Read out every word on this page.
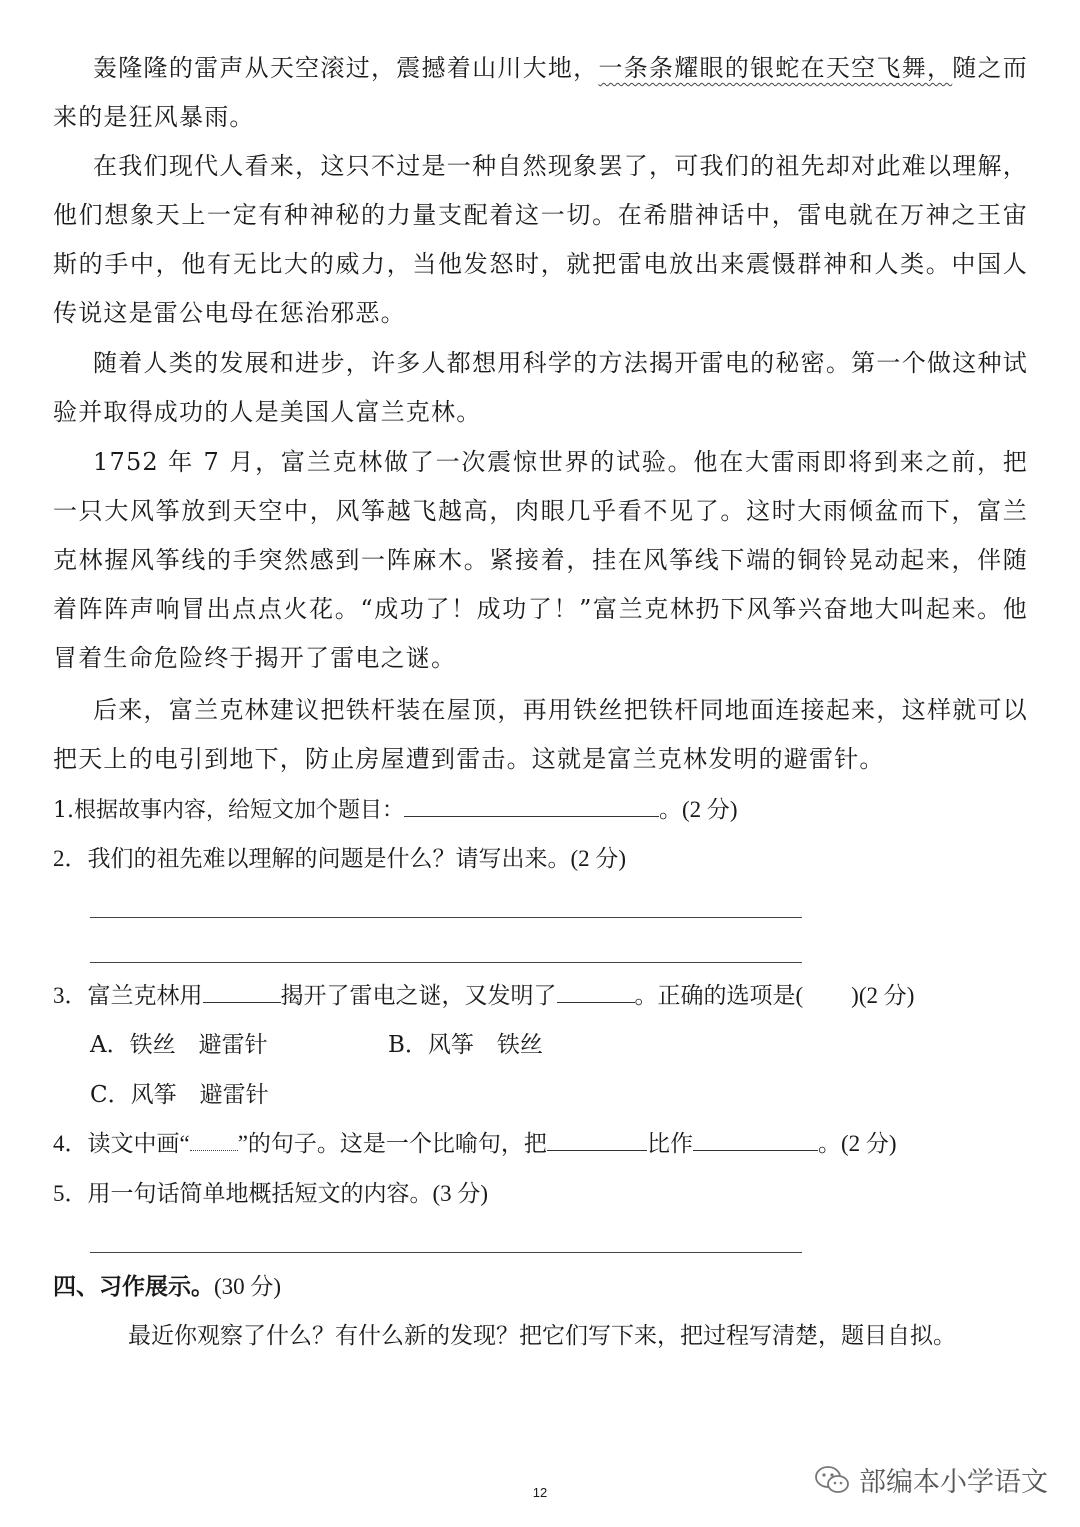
轰隆隆的雷声从天空滚过，震撼着山川大地，一条条耀眼的银蛇在天空飞舞，随之而来的是狂风暴雨。

在我们现代人看来，这只不过是一种自然现象罢了，可我们的祖先却对此难以理解，他们想象天上一定有种神秘的力量支配着这一切。在希腊神话中，雷电就在万神之王宙斯的手中，他有无比大的威力，当他发怒时，就把雷电放出来震慑群神和人类。中国人传说这是雷公电母在惩治邪恶。

随着人类的发展和进步，许多人都想用科学的方法揭开雷电的秘密。第一个做这种试验并取得成功的人是美国人富兰克林。

1752 年 7 月，富兰克林做了一次震惊世界的试验。他在大雷雨即将到来之前，把一只大风筝放到天空中，风筝越飞越高，肉眼几乎看不见了。这时大雨倾盆而下，富兰克林握风筝线的手突然感到一阵麻木。紧接着，挂在风筝线下端的铜铃晃动起来，伴随着阵阵声响冒出点点火花。“成功了！成功了！”富兰克林扔下风筝兴奋地大叫起来。他冒着生命危险终于揭开了雷电之谜。

后来，富兰克林建议把铁杆装在屋顶，再用铁丝把铁杆同地面连接起来，这样就可以把天上的电引到地下，防止房屋遭到雷击。这就是富兰克林发明的避雷针。

1.根据故事内容，给短文加个题目：	。(2 分)
2．我们的祖先难以理解的问题是什么？请写出来。(2 分)
3．富兰克林用	揭开了雷电之谜，又发明了	。正确的选项是( )(2 分)
A．铁丝　避雷针	B．风筝　铁丝
C．风筝　避雷针
4．读文中画“ ”的句子。这是一个比喻句，把	比作	。(2 分)
5．用一句话简单地概括短文的内容。(3 分)
四、习作展示。(30 分)
最近你观察了什么？有什么新的发现？把它们写下来，把过程写清楚，题目自拟。
12	部编本小学语文
